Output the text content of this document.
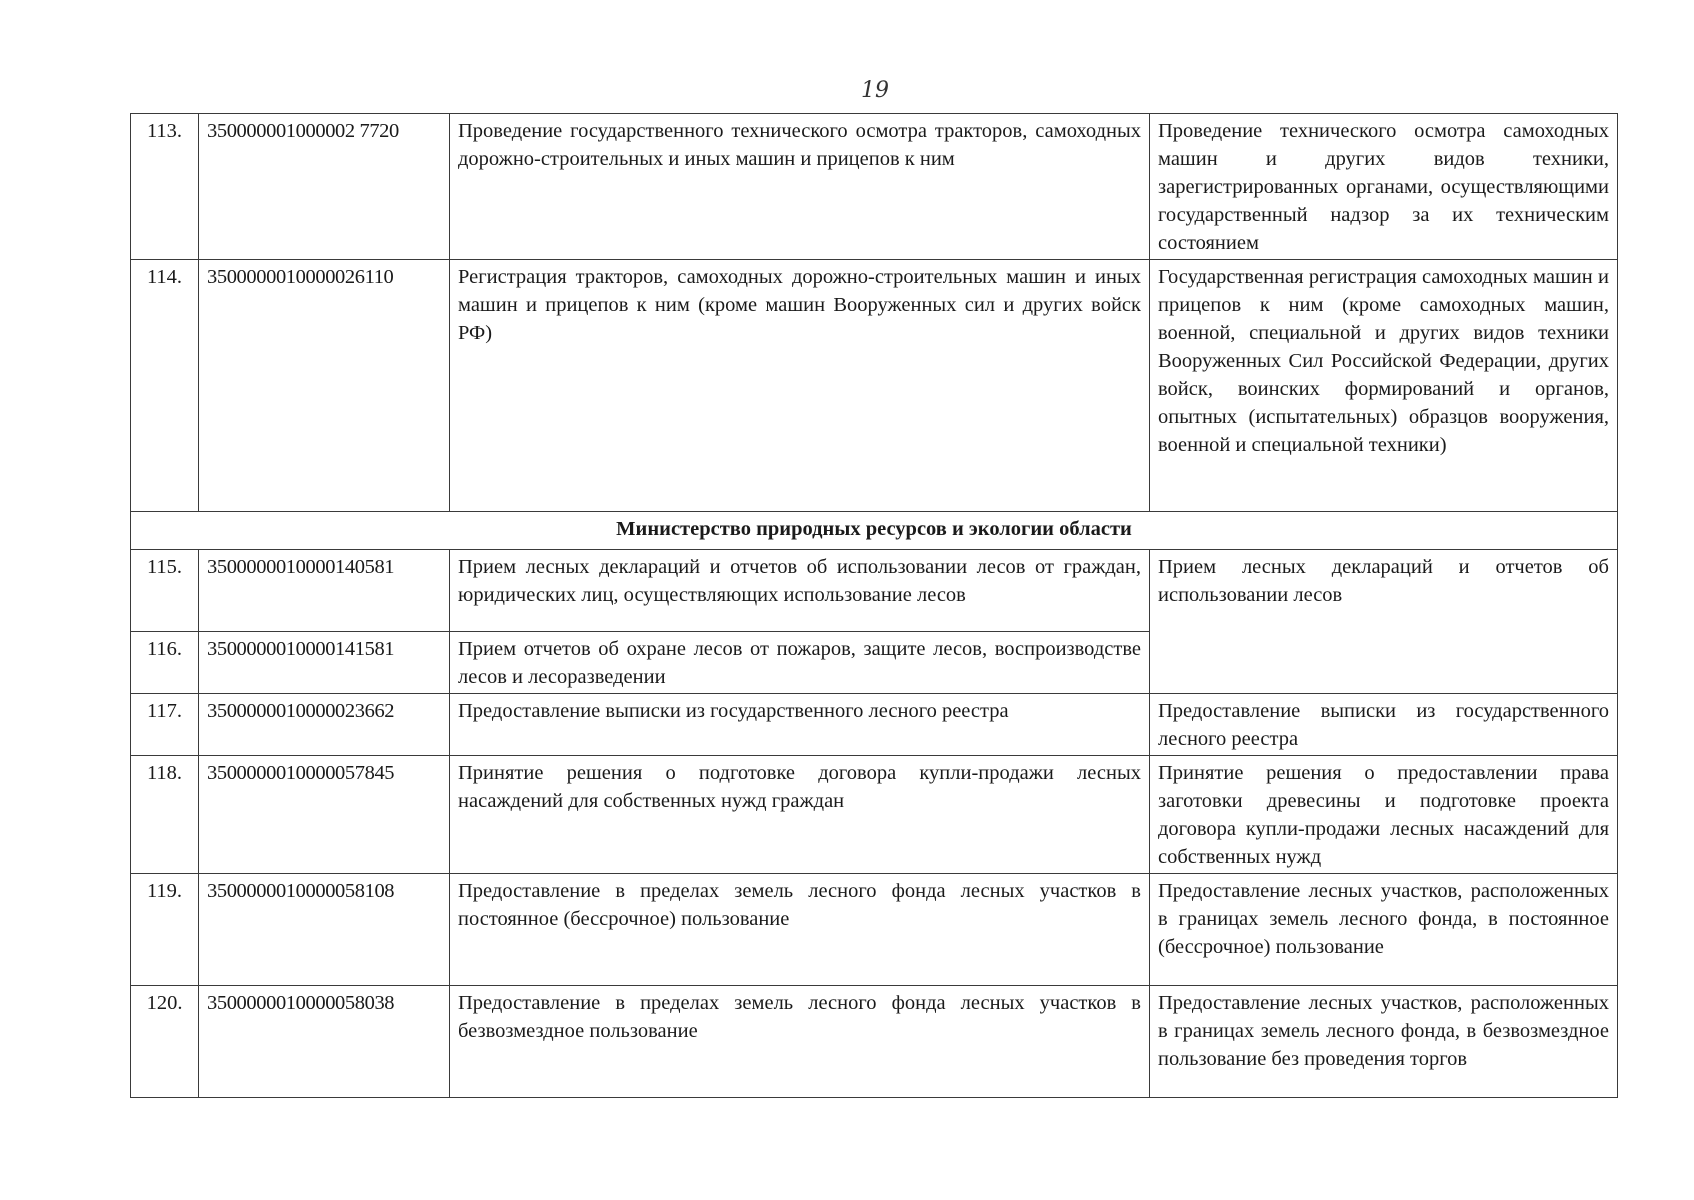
19
113.	350000001000002 7720	Проведение государственного технического осмотра тракторов, самоходных дорожно-строительных и иных машин и прицепов к ним	Проведение технического осмотра самоходных машин и других видов техники, зарегистрированных органами, осуществляющими государственный надзор за их техническим состоянием
114.	3500000010000026110	Регистрация тракторов, самоходных дорожно-строительных машин и иных машин и прицепов к ним (кроме машин Вооруженных сил и других войск РФ)	Государственная регистрация самоходных машин и прицепов к ним (кроме самоходных машин, военной, специальной и других видов техники Вооруженных Сил Российской Федерации, других войск, воинских формирований и органов, опытных (испытательных) образцов вооружения, военной и специальной техники)
Министерство природных ресурсов и экологии области			
115.	3500000010000140581	Прием лесных деклараций и отчетов об использовании лесов от граждан, юридических лиц, осуществляющих использование лесов	Прием лесных деклараций и отчетов об использовании лесов
116.	3500000010000141581	Прием отчетов об охране лесов от пожаров, защите лесов, воспроизводстве лесов и лесоразведении	
117.	3500000010000023662	Предоставление выписки из государственного лесного реестра	Предоставление выписки из государственного лесного реестра
118.	3500000010000057845	Принятие решения о подготовке договора купли-продажи лесных насаждений для собственных нужд граждан	Принятие решения о предоставлении права заготовки древесины и подготовке проекта договора купли-продажи лесных насаждений для собственных нужд
119.	3500000010000058108	Предоставление в пределах земель лесного фонда лесных участков в постоянное (бессрочное) пользование	Предоставление лесных участков, расположенных в границах земель лесного фонда, в постоянное (бессрочное) пользование
120.	3500000010000058038	Предоставление в пределах земель лесного фонда лесных участков в безвозмездное пользование	Предоставление лесных участков, расположенных в границах земель лесного фонда, в безвозмездное пользование без проведения торгов
